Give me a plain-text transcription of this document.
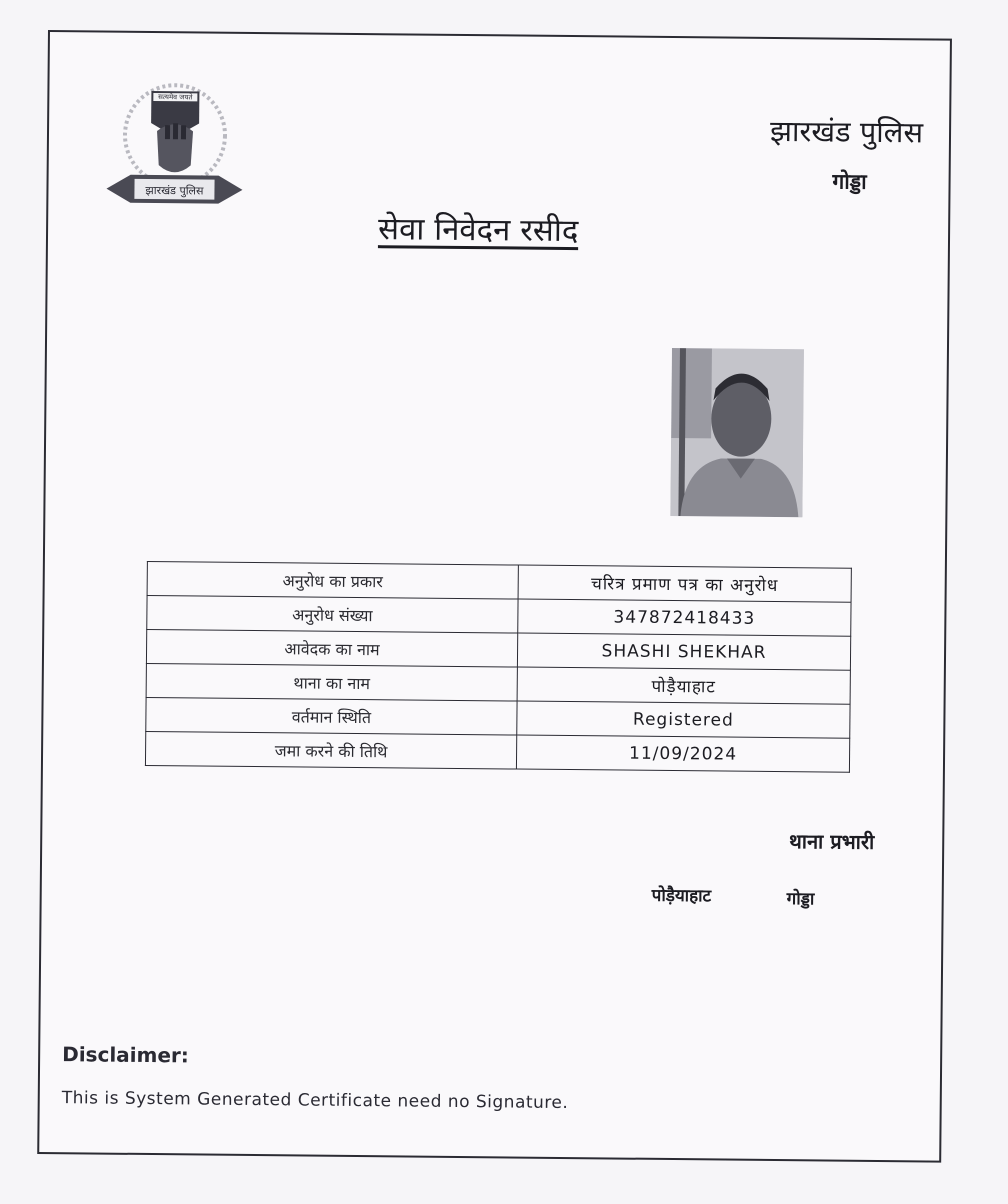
झारखंड पुलिस
सत्यमेव जयते
झारखंड पुलिस
गोड्डा
सेवा निवेदन रसीद
अनुरोध का प्रकार	चरित्र प्रमाण पत्र का अनुरोध
अनुरोध संख्या	347872418433
आवेदक का नाम	SHASHI SHEKHAR
थाना का नाम	पोड़ैयाहाट
वर्तमान स्थिति	Registered
जमा करने की तिथि	11/09/2024
थाना प्रभारी
पोड़ैयाहाट	गोड्डा
Disclaimer:
This is System Generated Certificate need no Signature.
